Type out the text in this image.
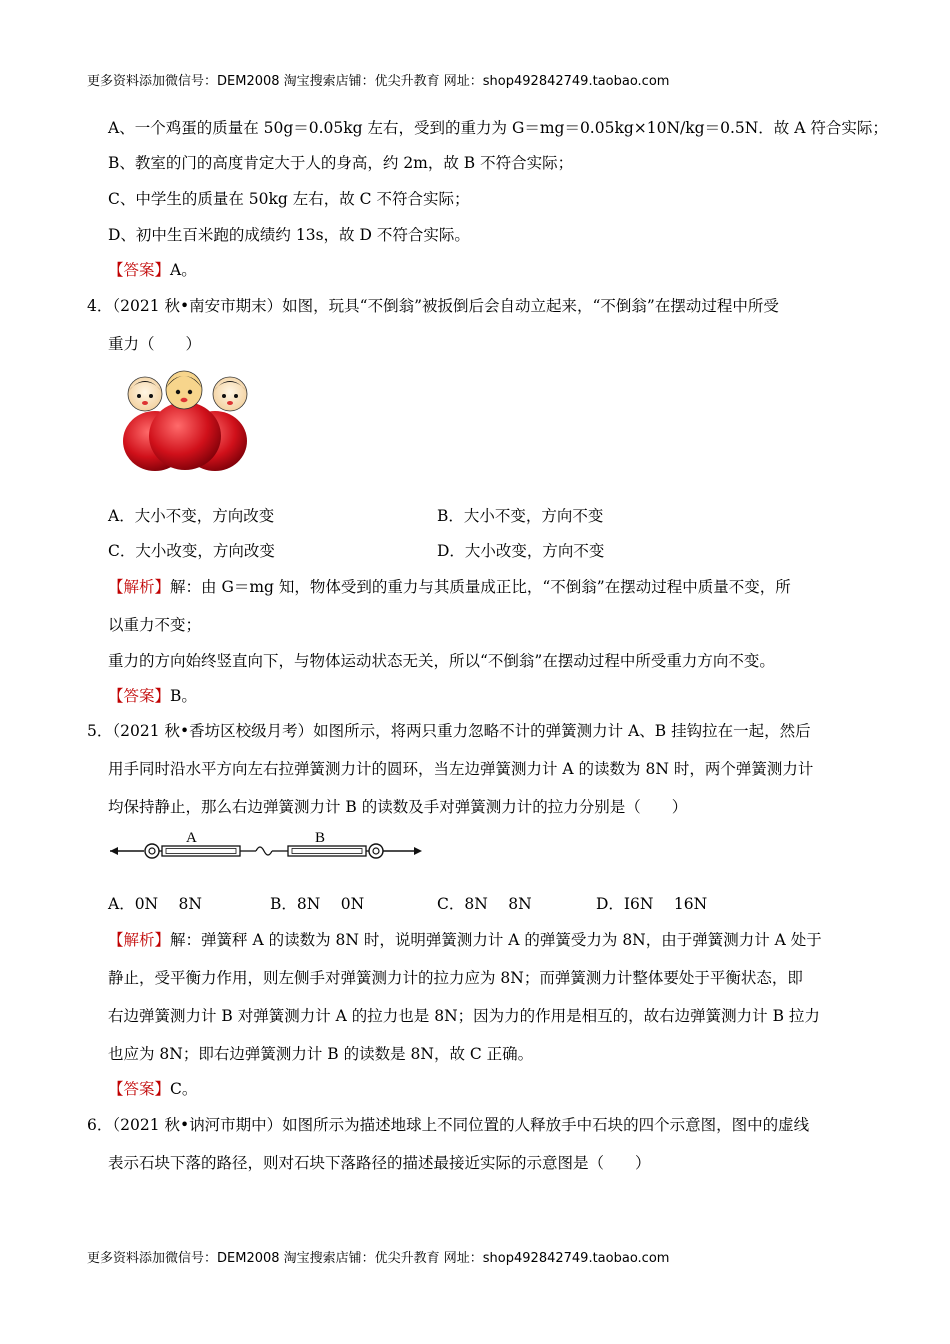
更多资料添加微信号：DEM2008 淘宝搜索店铺：优尖升教育 网址：shop492842749.taobao.com
A、一个鸡蛋的质量在 50g＝0.05kg 左右，受到的重力为 G＝mg＝0.05kg×10N/kg＝0.5N．故 A 符合实际；
B、教室的门的高度肯定大于人的身高，约 2m，故 B 不符合实际；
C、中学生的质量在 50kg 左右，故 C 不符合实际；
D、初中生百米跑的成绩约 13s，故 D 不符合实际。
【答案】A。
4．（2021 秋•南安市期末）如图，玩具“不倒翁”被扳倒后会自动立起来，“不倒翁”在摆动过程中所受
重力（　　）
A．大小不变，方向改变	B．大小不变，方向不变
C．大小改变，方向改变	D．大小改变，方向不变
【解析】解：由 G＝mg 知，物体受到的重力与其质量成正比，“不倒翁”在摆动过程中质量不变，所
以重力不变；
重力的方向始终竖直向下，与物体运动状态无关，所以“不倒翁”在摆动过程中所受重力方向不变。
【答案】B。
5．（2021 秋•香坊区校级月考）如图所示，将两只重力忽略不计的弹簧测力计 A、B 挂钩拉在一起，然后
用手同时沿水平方向左右拉弹簧测力计的圆环，当左边弹簧测力计 A 的读数为 8N 时，两个弹簧测力计
均保持静止，那么右边弹簧测力计 B 的读数及手对弹簧测力计的拉力分别是（　　）
A	B
A．0N　 8N	B．8N　 0N	C．8N　 8N	D．I6N　 16N
【解析】解：弹簧秤 A 的读数为 8N 时，说明弹簧测力计 A 的弹簧受力为 8N，由于弹簧测力计 A 处于
静止，受平衡力作用，则左侧手对弹簧测力计的拉力应为 8N；而弹簧测力计整体要处于平衡状态，即
右边弹簧测力计 B 对弹簧测力计 A 的拉力也是 8N；因为力的作用是相互的，故右边弹簧测力计 B 拉力
也应为 8N；即右边弹簧测力计 B 的读数是 8N，故 C 正确。
【答案】C。
6．（2021 秋•讷河市期中）如图所示为描述地球上不同位置的人释放手中石块的四个示意图，图中的虚线
表示石块下落的路径，则对石块下落路径的描述最接近实际的示意图是（　　）
更多资料添加微信号：DEM2008 淘宝搜索店铺：优尖升教育 网址：shop492842749.taobao.com
